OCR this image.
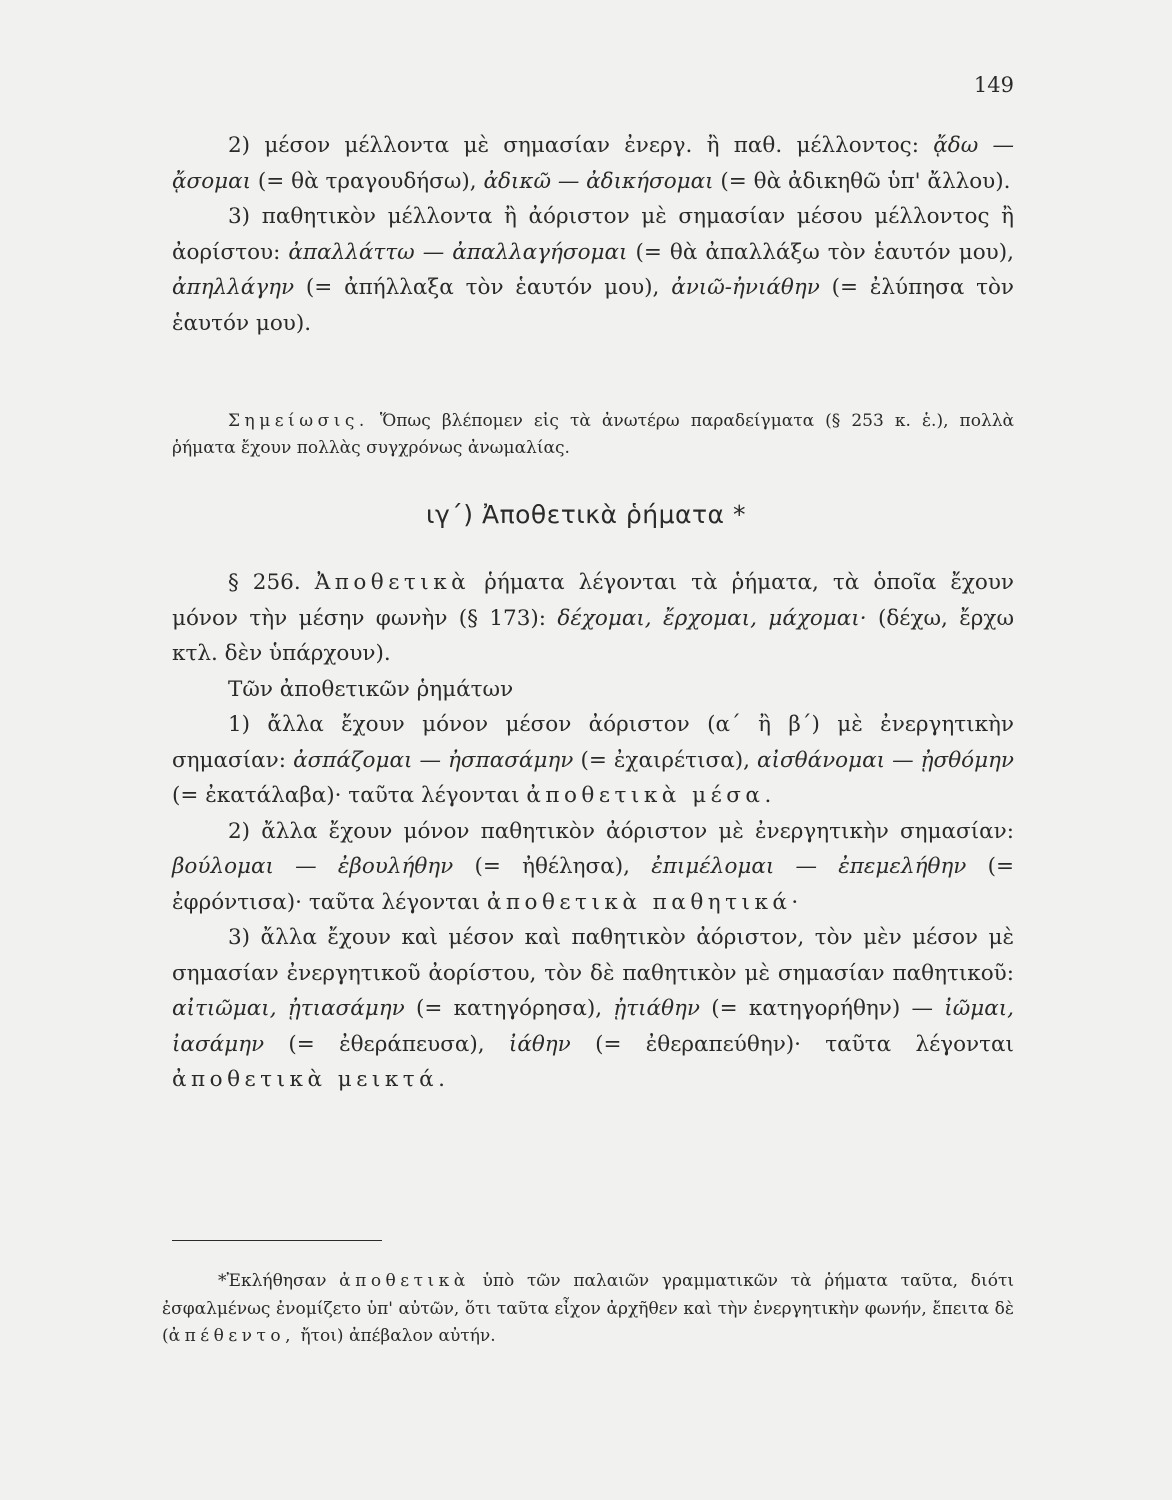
149

2) μέσον μέλλοντα μὲ σημασίαν ἐνεργ. ἢ παθ. μέλλοντος: ᾄδω — ᾄσομαι (= θὰ τραγουδήσω), ἀδικῶ — ἀδικήσομαι (= θὰ ἀδικηθῶ ὑπ' ἄλλου).

3) παθητικὸν μέλλοντα ἢ ἀόριστον μὲ σημασίαν μέσου μέλλοντος ἢ ἀορίστου: ἀπαλλάττω — ἀπαλλαγήσομαι (= θὰ ἀπαλλάξω τὸν ἑαυτόν μου), ἀπηλλάγην (= ἀπήλλαξα τὸν ἑαυτόν μου), ἀνιῶ-ἠνιάθην (= ἐλύπησα τὸν ἑαυτόν μου).

Σημείωσις. Ὅπως βλέπομεν εἰς τὰ ἀνωτέρω παραδείγματα (§ 253 κ. ἑ.), πολλὰ ῥήματα ἔχουν πολλὰς συγχρόνως ἀνωμαλίας.

ιγ΄) Ἀποθετικὰ ῥήματα *

§ 256. Ἀποθετικὰ ῥήματα λέγονται τὰ ῥήματα, τὰ ὁποῖα ἔχουν μόνον τὴν μέσην φωνὴν (§ 173): δέχομαι, ἔρχομαι, μάχομαι· (δέχω, ἔρχω κτλ. δὲν ὑπάρχουν).

Τῶν ἀποθετικῶν ῥημάτων

1) ἄλλα ἔχουν μόνον μέσον ἀόριστον (α΄ ἢ β΄) μὲ ἐνεργητικὴν σημασίαν: ἀσπάζομαι — ἠσπασάμην (= ἐχαιρέτισα), αἰσθάνομαι — ᾐσθόμην (= ἐκατάλαβα)· ταῦτα λέγονται ἀποθετικὰ μέσα.

2) ἄλλα ἔχουν μόνον παθητικὸν ἀόριστον μὲ ἐνεργητικὴν σημασίαν: βούλομαι — ἐβουλήθην (= ἠθέλησα), ἐπιμέλομαι — ἐπεμελήθην (= ἐφρόντισα)· ταῦτα λέγονται ἀποθετικὰ παθητικά·

3) ἄλλα ἔχουν καὶ μέσον καὶ παθητικὸν ἀόριστον, τὸν μὲν μέσον μὲ σημασίαν ἐνεργητικοῦ ἀορίστου, τὸν δὲ παθητικὸν μὲ σημασίαν παθητικοῦ: αἰτιῶμαι, ᾐτιασάμην (= κατηγόρησα), ᾐτιάθην (= κατηγορήθην) — ἰῶμαι, ἰασάμην (= ἐθεράπευσα), ἰάθην (= ἐθεραπεύθην)· ταῦτα λέγονται ἀποθετικὰ μεικτά.

*Ἐκλήθησαν ἀποθετικὰ ὑπὸ τῶν παλαιῶν γραμματικῶν τὰ ῥήματα ταῦτα, διότι ἐσφαλμένως ἐνομίζετο ὑπ' αὐτῶν, ὅτι ταῦτα εἶχον ἀρχῆθεν καὶ τὴν ἐνεργητικὴν φωνήν, ἔπειτα δὲ (ἀπέθεντο, ἤτοι) ἀπέβαλον αὐτήν.
